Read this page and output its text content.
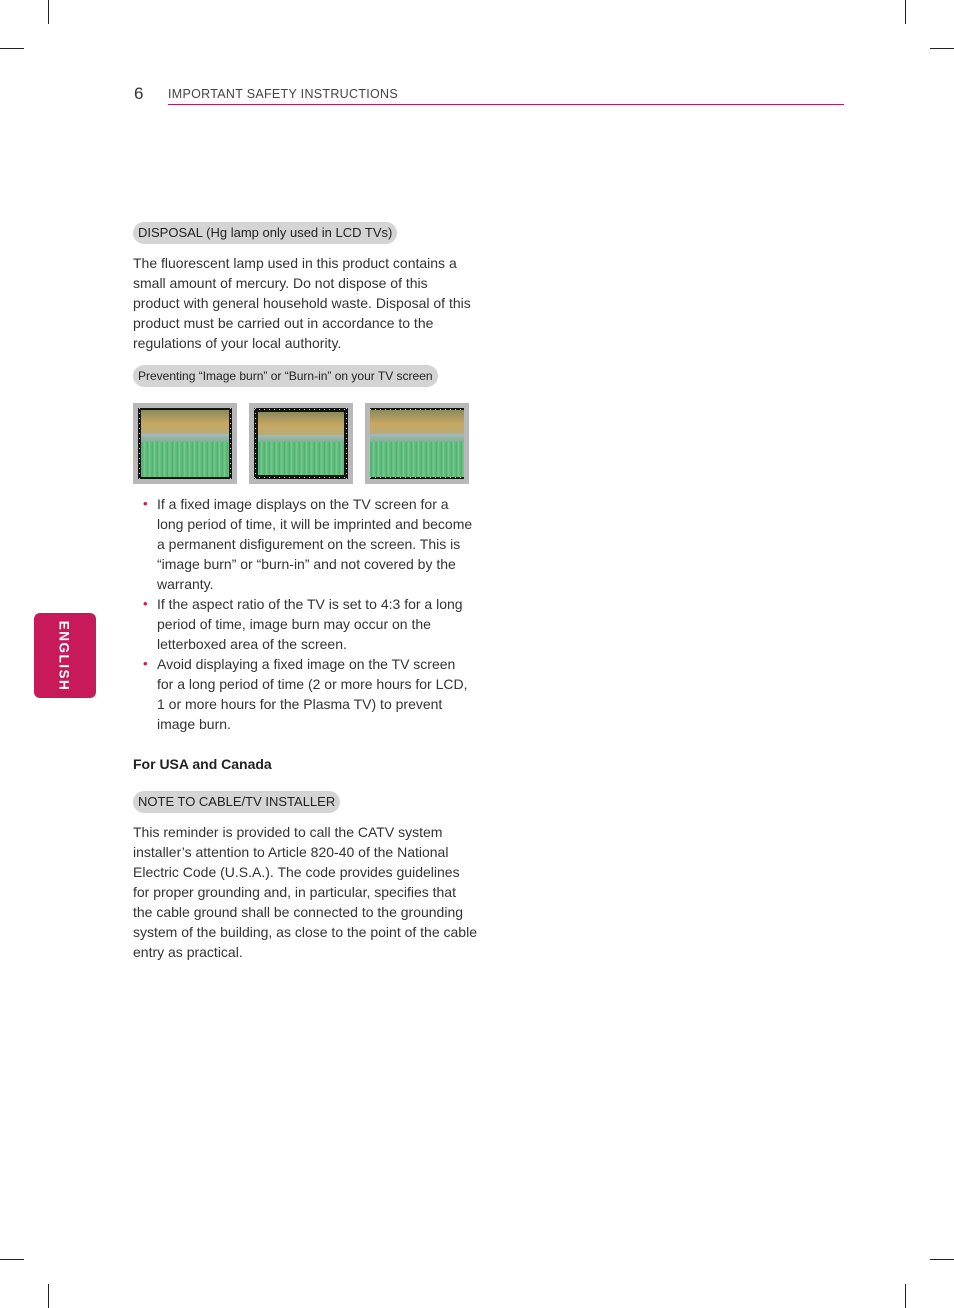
6 IMPORTANT SAFETY INSTRUCTIONS
ENGLISH
DISPOSAL (Hg lamp only used in LCD TVs)

The fluorescent lamp used in this product contains a small amount of mercury. Do not dispose of this product with general household waste. Disposal of this product must be carried out in accordance to the regulations of your local authority.

Preventing “Image burn” or “Burn-in” on your TV screen
• If a fixed image displays on the TV screen for a long period of time, it will be imprinted and become a permanent disfigurement on the screen. This is “image burn” or “burn-in” and not covered by the warranty.
• If the aspect ratio of the TV is set to 4:3 for a long period of time, image burn may occur on the letterboxed area of the screen.
• Avoid displaying a fixed image on the TV screen for a long period of time (2 or more hours for LCD, 1 or more hours for the Plasma TV) to prevent image burn.
For USA and Canada
NOTE TO CABLE/TV INSTALLER

This reminder is provided to call the CATV system installer’s attention to Article 820-40 of the National Electric Code (U.S.A.). The code provides guidelines for proper grounding and, in particular, specifies that the cable ground shall be connected to the grounding system of the building, as close to the point of the cable entry as practical.
